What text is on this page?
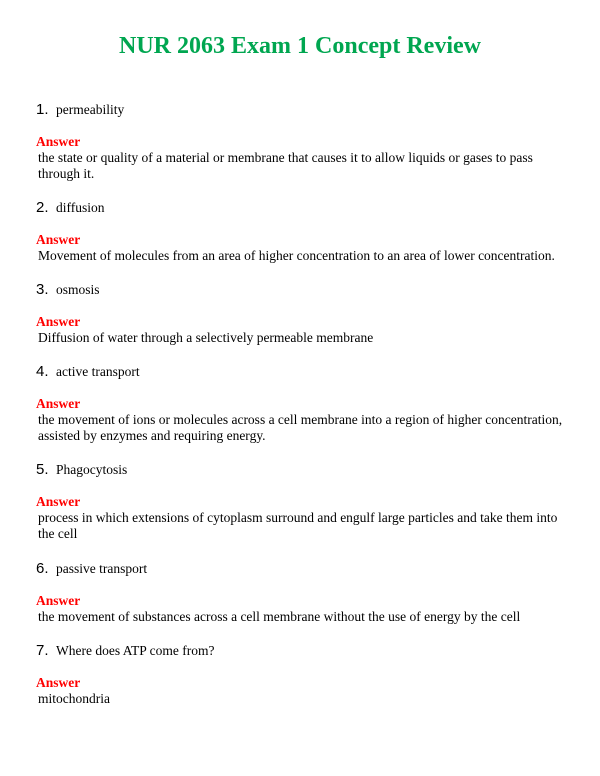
NUR 2063 Exam 1 Concept Review
1. permeability
Answer
the state or quality of a material or membrane that causes it to allow liquids or gases to pass through it.
2. diffusion
Answer
Movement of molecules from an area of higher concentration to an area of lower concentration.
3. osmosis
Answer
Diffusion of water through a selectively permeable membrane
4. active transport
Answer
the movement of ions or molecules across a cell membrane into a region of higher concentration, assisted by enzymes and requiring energy.
5. Phagocytosis
Answer
process in which extensions of cytoplasm surround and engulf large particles and take them into the cell
6. passive transport
Answer
the movement of substances across a cell membrane without the use of energy by the cell
7. Where does ATP come from?
Answer
mitochondria
